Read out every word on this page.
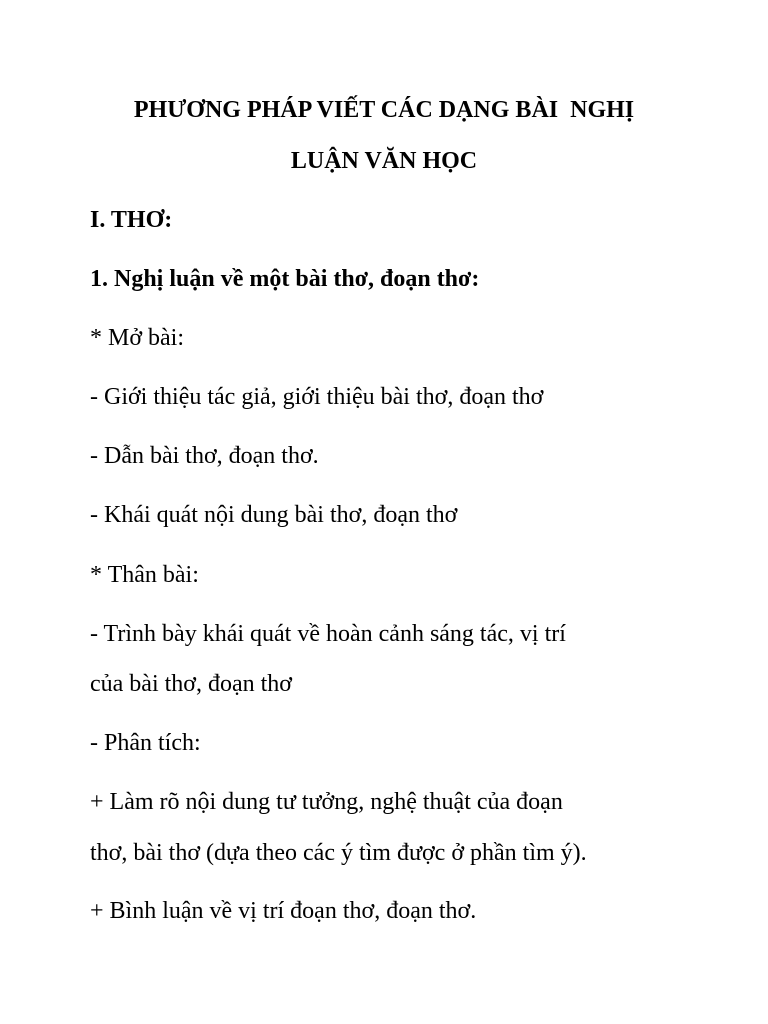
PHƯƠNG PHÁP VIẾT CÁC DẠNG BÀI  NGHỊ
LUẬN VĂN HỌC
I. THƠ:
1. Nghị luận về một bài thơ, đoạn thơ:
* Mở bài:
- Giới thiệu tác giả, giới thiệu bài thơ, đoạn thơ
- Dẫn bài thơ, đoạn thơ.
- Khái quát nội dung bài thơ, đoạn thơ
* Thân bài:
- Trình bày khái quát về hoàn cảnh sáng tác, vị trí
của bài thơ, đoạn thơ
- Phân tích:
+ Làm rõ nội dung tư tưởng, nghệ thuật của đoạn
thơ, bài thơ (dựa theo các ý tìm được ở phần tìm ý).
+ Bình luận về vị trí đoạn thơ, đoạn thơ.
